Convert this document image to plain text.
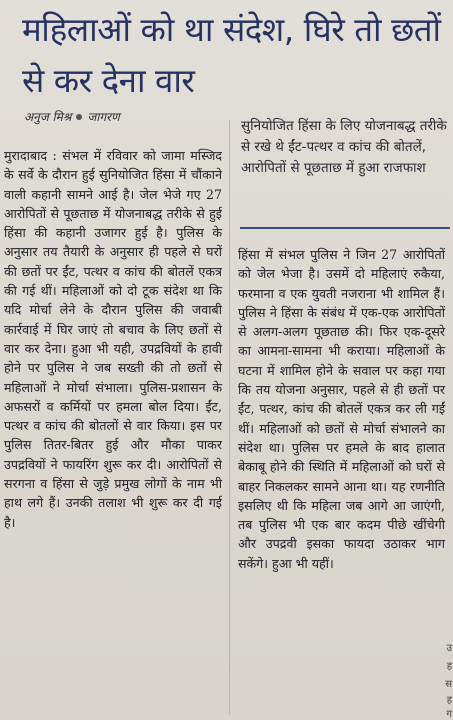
महिलाओं को था संदेश, घिरे तो छतों से कर देना वार
अनुज मिश्र जागरण

सुनियोजित हिंसा के लिए योजनाबद्ध तरीके से रखे थे ईंट-पत्थर व कांच की बोतलें, आरोपितों से पूछताछ में हुआ राजफाश

मुरादाबाद : संभल में रविवार को जामा मस्जिद के सर्वे के दौरान हुई सुनियोजित हिंसा में चौंकाने वाली कहानी सामने आई है। जेल भेजे गए 27 आरोपितों से पूछताछ में योजनाबद्ध तरीके से हुई हिंसा की कहानी उजागर हुई है। पुलिस के अनुसार तय तैयारी के अनुसार ही पहले से घरों की छतों पर ईंट, पत्थर व कांच की बोतलें एकत्र की गई थीं। महिलाओं को दो टूक संदेश था कि यदि मोर्चा लेने के दौरान पुलिस की जवाबी कार्रवाई में घिर जाएं तो बचाव के लिए छतों से वार कर देना। हुआ भी यही, उपद्रवियों के हावी होने पर पुलिस ने जब सख्ती की तो छतों से महिलाओं ने मोर्चा संभाला। पुलिस-प्रशासन के अफसरों व कर्मियों पर हमला बोल दिया। ईंट, पत्थर व कांच की बोतलों से वार किया। इस पर पुलिस तितर-बितर हुई और मौका पाकर उपद्रवियों ने फायरिंग शुरू कर दी। आरोपितों से सरगना व हिंसा से जुड़े प्रमुख लोगों के नाम भी हाथ लगे हैं। उनकी तलाश भी शुरू कर दी गई है।

हिंसा में संभल पुलिस ने जिन 27 आरोपितों को जेल भेजा है। उसमें दो महिलाएं रुकैया, फरमाना व एक युवती नजराना भी शामिल हैं। पुलिस ने हिंसा के संबंध में एक-एक आरोपितों से अलग-अलग पूछताछ की। फिर एक-दूसरे का आमना-सामना भी कराया। महिलाओं के घटना में शामिल होने के सवाल पर कहा गया कि तय योजना अनुसार, पहले से ही छतों पर ईंट, पत्थर, कांच की बोतलें एकत्र कर ली गईं थीं। महिलाओं को छतों से मोर्चा संभालने का संदेश था। पुलिस पर हमले के बाद हालात बेकाबू होने की स्थिति में महिलाओं को घरों से बाहर निकलकर सामने आना था। यह रणनीति इसलिए थी कि महिला जब आगे आ जाएंगी, तब पुलिस भी एक बार कदम पीछे खींचेगी और उपद्रवी इसका फायदा उठाकर भाग सकेंगे। हुआ भी यहीं।

उ
ह
स
ह
ग
